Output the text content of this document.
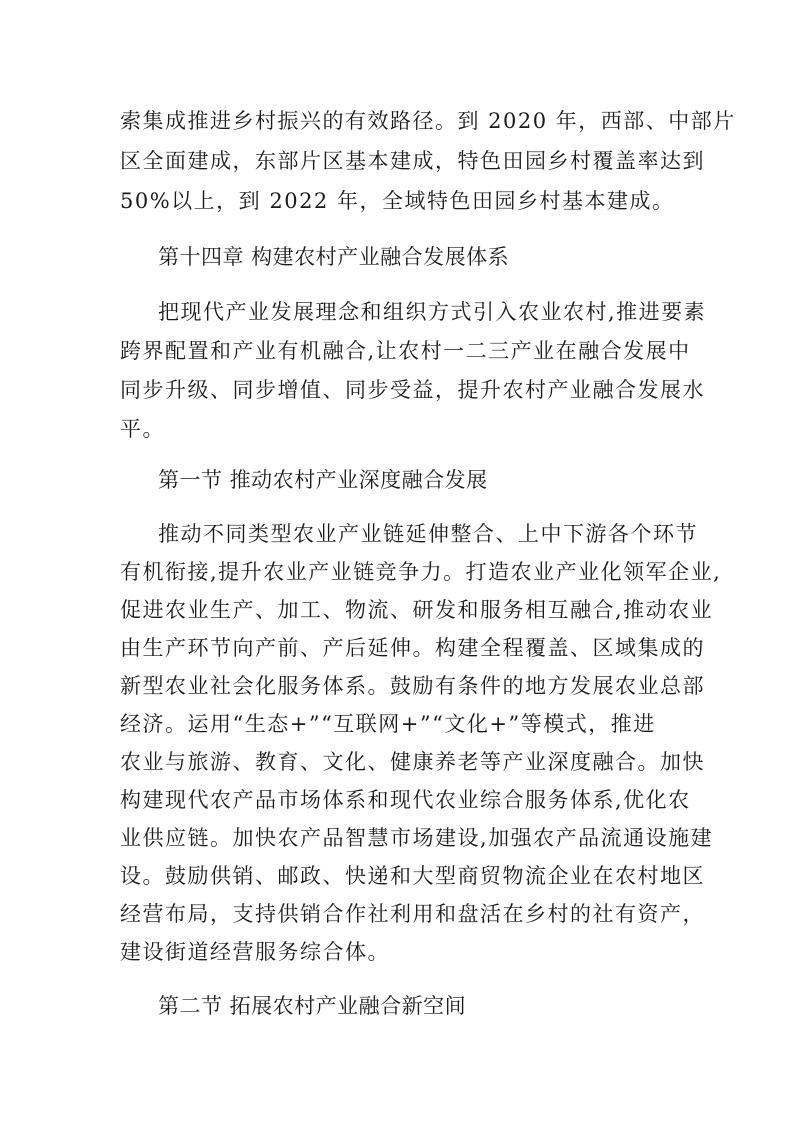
索集成推进乡村振兴的有效路径。到 2020 年，西部、中部片
区全面建成，东部片区基本建成，特色田园乡村覆盖率达到
50%以上，到 2022 年，全域特色田园乡村基本建成。
第十四章 构建农村产业融合发展体系
把现代产业发展理念和组织方式引入农业农村,推进要素
跨界配置和产业有机融合,让农村一二三产业在融合发展中
同步升级、同步增值、同步受益，提升农村产业融合发展水
平。
第一节 推动农村产业深度融合发展
推动不同类型农业产业链延伸整合、上中下游各个环节
有机衔接,提升农业产业链竞争力。打造农业产业化领军企业,
促进农业生产、加工、物流、研发和服务相互融合,推动农业
由生产环节向产前、产后延伸。构建全程覆盖、区域集成的
新型农业社会化服务体系。鼓励有条件的地方发展农业总部
经济。运用“生态+”“互联网+”“文化+”等模式，推进
农业与旅游、教育、文化、健康养老等产业深度融合。加快
构建现代农产品市场体系和现代农业综合服务体系,优化农
业供应链。加快农产品智慧市场建设,加强农产品流通设施建
设。鼓励供销、邮政、快递和大型商贸物流企业在农村地区
经营布局，支持供销合作社利用和盘活在乡村的社有资产，
建设街道经营服务综合体。
第二节 拓展农村产业融合新空间
